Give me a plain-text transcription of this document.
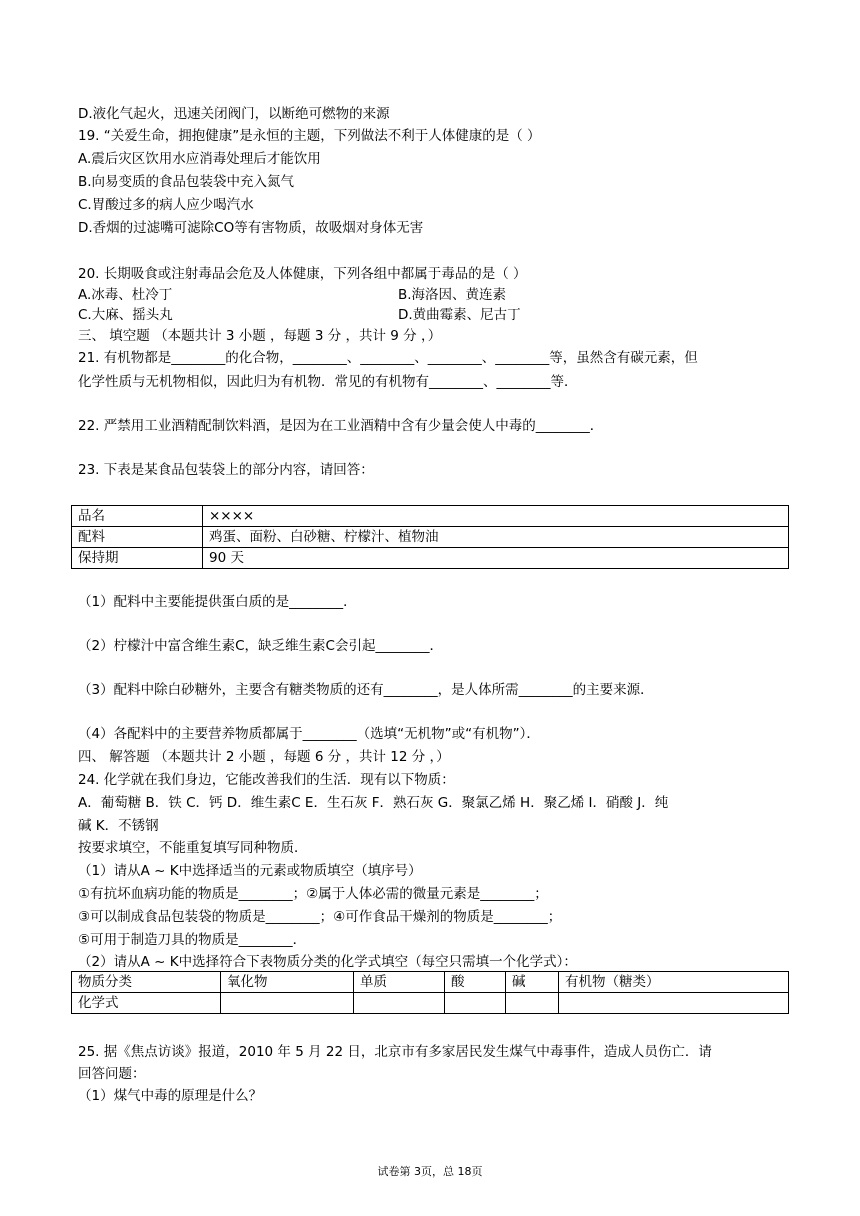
D.液化气起火，迅速关闭阀门，以断绝可燃物的来源
19. “关爱生命，拥抱健康”是永恒的主题，下列做法不利于人体健康的是（ ）
A.震后灾区饮用水应消毒处理后才能饮用
B.向易变质的食品包装袋中充入氮气
C.胃酸过多的病人应少喝汽水
D.香烟的过滤嘴可滤除CO等有害物质，故吸烟对身体无害
20. 长期吸食或注射毒品会危及人体健康，下列各组中都属于毒品的是（ ）
A.冰毒、杜冷丁	B.海洛因、黄连素
C.大麻、摇头丸	D.黄曲霉素、尼古丁
三、 填空题 （本题共计 3 小题 ，每题 3 分 ，共计 9 分 ，）
21. 有机物都是________的化合物，________、________、________、________等，虽然含有碳元素，但
化学性质与无机物相似，因此归为有机物．常见的有机物有________、________等．
22. 严禁用工业酒精配制饮料酒，是因为在工业酒精中含有少量会使人中毒的________．
23. 下表是某食品包装袋上的部分内容，请回答：
品名	××××
配料	鸡蛋、面粉、白砂糖、柠檬汁、植物油
保持期	90 天
（1）配料中主要能提供蛋白质的是________．
（2）柠檬汁中富含维生素C，缺乏维生素C会引起________．
（3）配料中除白砂糖外，主要含有糖类物质的还有________，是人体所需________的主要来源．
（4）各配料中的主要营养物质都属于________（选填“无机物”或“有机物”）．
四、 解答题 （本题共计 2 小题 ，每题 6 分 ，共计 12 分 ，）
24. 化学就在我们身边，它能改善我们的生活．现有以下物质：
A．葡萄糖 B．铁 C．钙 D．维生素C E．生石灰 F．熟石灰 G．聚氯乙烯 H．聚乙烯 I．硝酸 J．纯
碱 K．不锈钢
按要求填空，不能重复填写同种物质．
（1）请从A ~ K中选择适当的元素或物质填空（填序号）
①有抗坏血病功能的物质是________；②属于人体必需的微量元素是________；
③可以制成食品包装袋的物质是________；④可作食品干燥剂的物质是________；
⑤可用于制造刀具的物质是________．
（2）请从A ~ K中选择符合下表物质分类的化学式填空（每空只需填一个化学式）：
物质分类	氧化物	单质	酸	碱	有机物（糖类）
化学式					
25. 据《焦点访谈》报道，2010 年 5 月 22 日，北京市有多家居民发生煤气中毒事件，造成人员伤亡．请
回答问题：
（1）煤气中毒的原理是什么？
试卷第 3页，总 18页
